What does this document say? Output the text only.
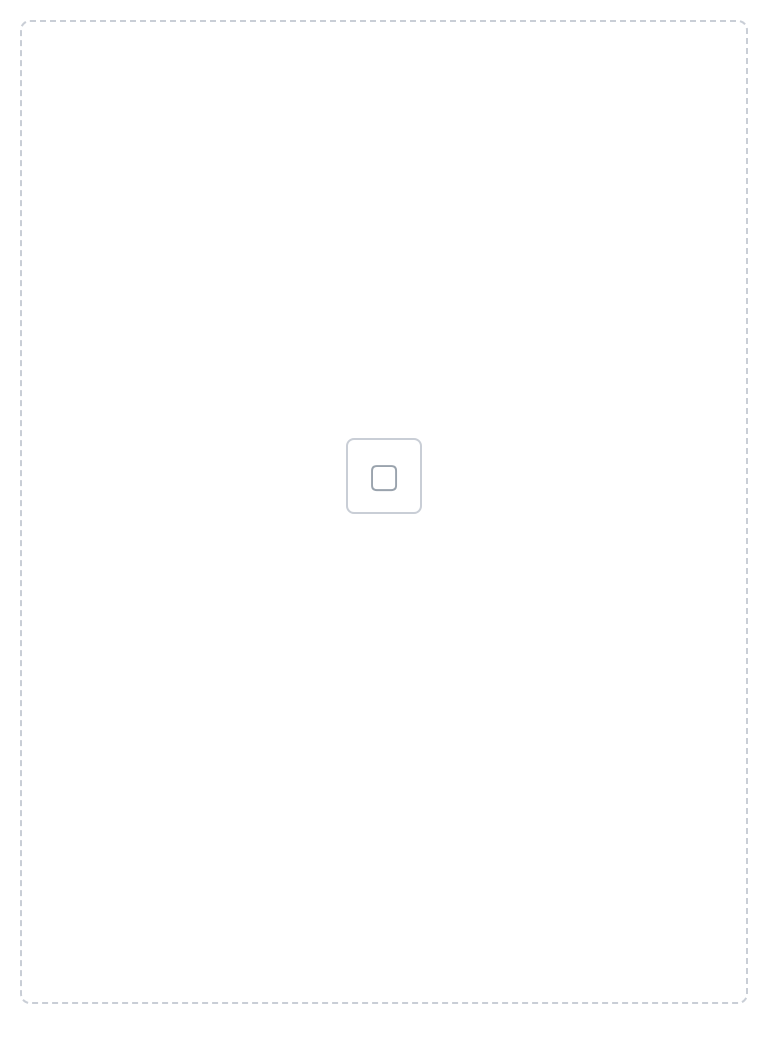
▢
